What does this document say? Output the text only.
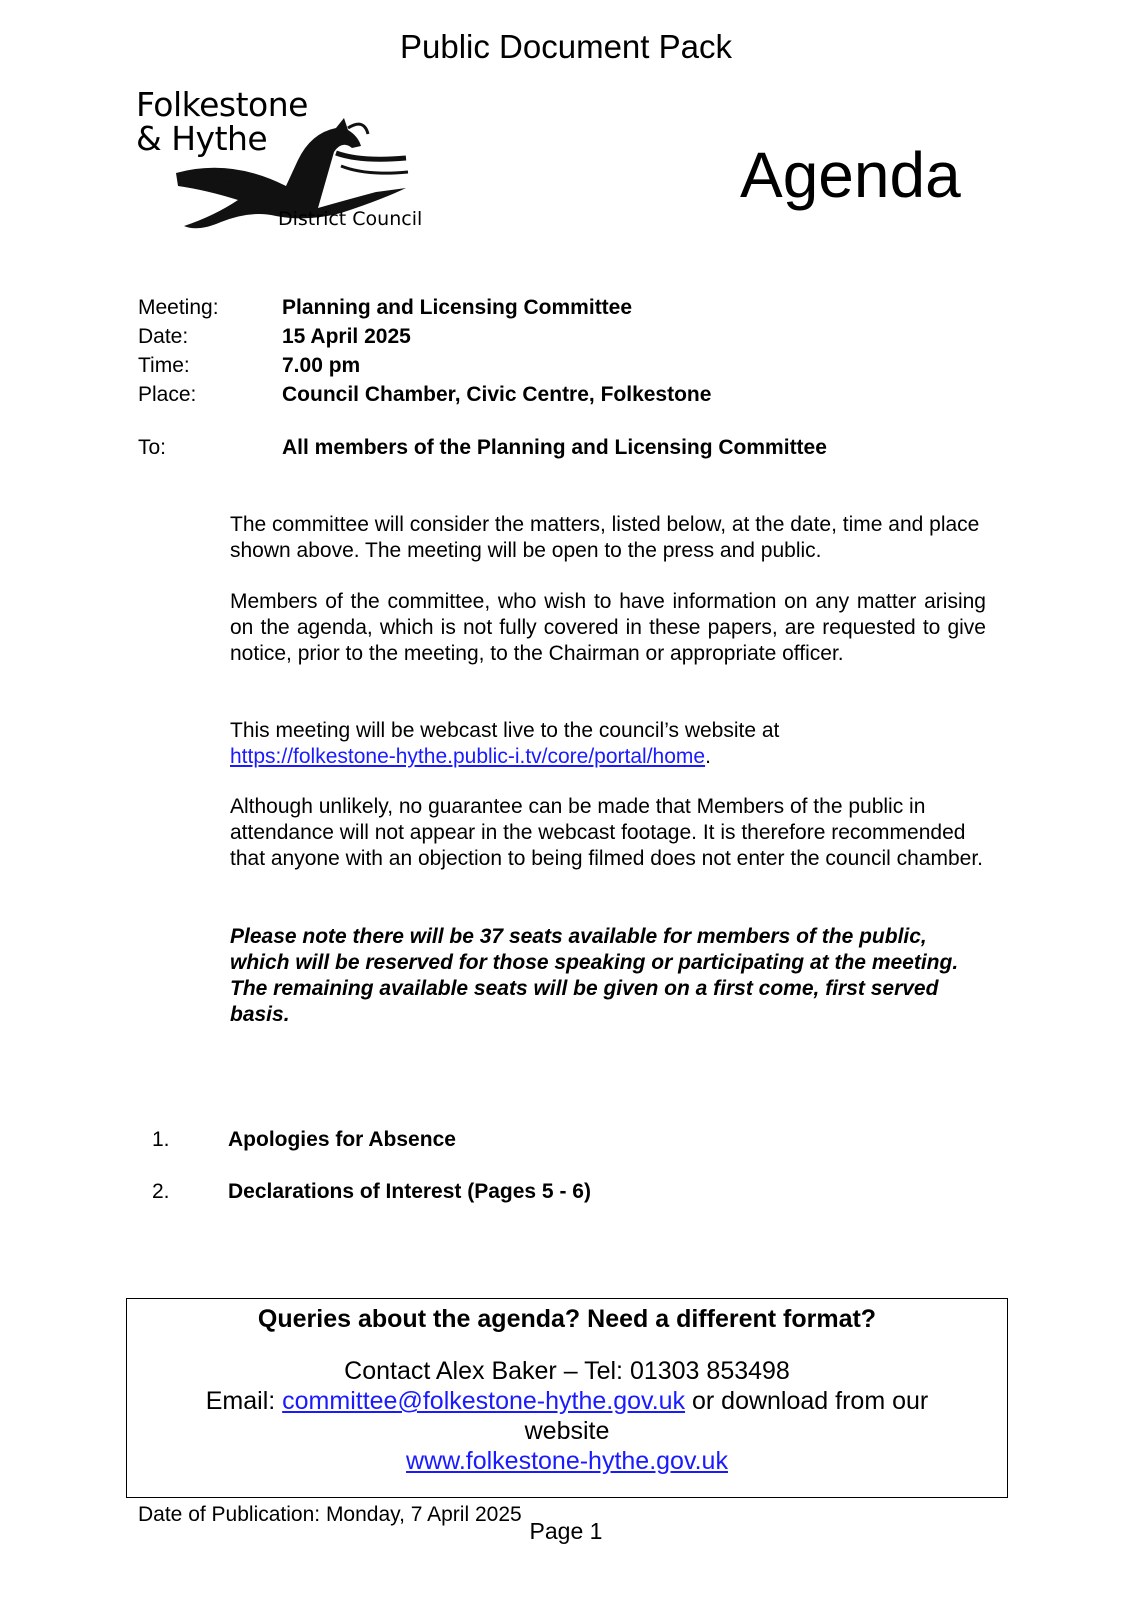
Public Document Pack
Folkestone
& Hythe
District Council
Agenda
Meeting:	Planning and Licensing Committee
Date:	15 April 2025
Time:	7.00 pm
Place:	Council Chamber, Civic Centre, Folkestone
To:	All members of the Planning and Licensing Committee
The committee will consider the matters, listed below, at the date, time and place shown above. The meeting will be open to the press and public.
Members of the committee, who wish to have information on any matter arising on the agenda, which is not fully covered in these papers, are requested to give notice, prior to the meeting, to the Chairman or appropriate officer.
This meeting will be webcast live to the council’s website at
https://folkestone-hythe.public-i.tv/core/portal/home.
Although unlikely, no guarantee can be made that Members of the public in attendance will not appear in the webcast footage. It is therefore recommended that anyone with an objection to being filmed does not enter the council chamber.
Please note there will be 37 seats available for members of the public, which will be reserved for those speaking or participating at the meeting. The remaining available seats will be given on a first come, first served basis.
1.	Apologies for Absence
2.	Declarations of Interest (Pages 5 - 6)
Queries about the agenda? Need a different format?
Contact Alex Baker – Tel: 01303 853498
Email: committee@folkestone-hythe.gov.uk or download from our
website
www.folkestone-hythe.gov.uk
Date of Publication: Monday, 7 April 2025
Page 1
